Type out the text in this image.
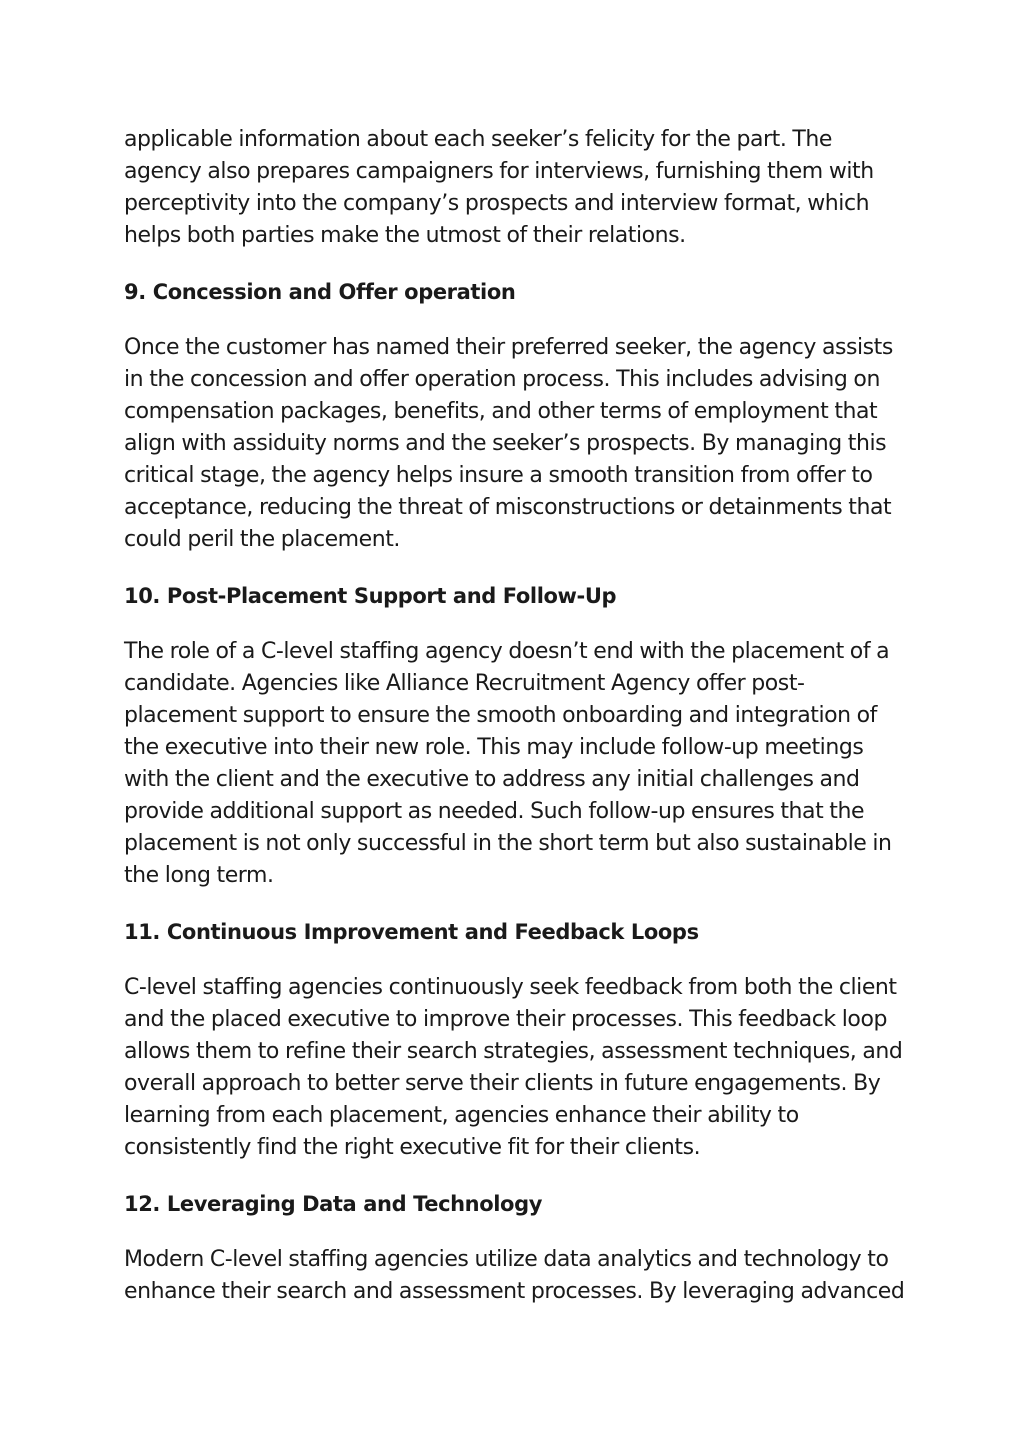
applicable information about each seeker’s felicity for the part. The agency also prepares campaigners for interviews, furnishing them with perceptivity into the company’s prospects and interview format, which helps both parties make the utmost of their relations.

9. Concession and Offer operation

Once the customer has named their preferred seeker, the agency assists in the concession and offer operation process. This includes advising on compensation packages, benefits, and other terms of employment that align with assiduity norms and the seeker’s prospects. By managing this critical stage, the agency helps insure a smooth transition from offer to acceptance, reducing the threat of misconstructions or detainments that could peril the placement.

10. Post-Placement Support and Follow-Up

The role of a C-level staffing agency doesn’t end with the placement of a candidate. Agencies like Alliance Recruitment Agency offer post-placement support to ensure the smooth onboarding and integration of the executive into their new role. This may include follow-up meetings with the client and the executive to address any initial challenges and provide additional support as needed. Such follow-up ensures that the placement is not only successful in the short term but also sustainable in the long term.

11. Continuous Improvement and Feedback Loops

C-level staffing agencies continuously seek feedback from both the client and the placed executive to improve their processes. This feedback loop allows them to refine their search strategies, assessment techniques, and overall approach to better serve their clients in future engagements. By learning from each placement, agencies enhance their ability to consistently find the right executive fit for their clients.

12. Leveraging Data and Technology

Modern C-level staffing agencies utilize data analytics and technology to enhance their search and assessment processes. By leveraging advanced
